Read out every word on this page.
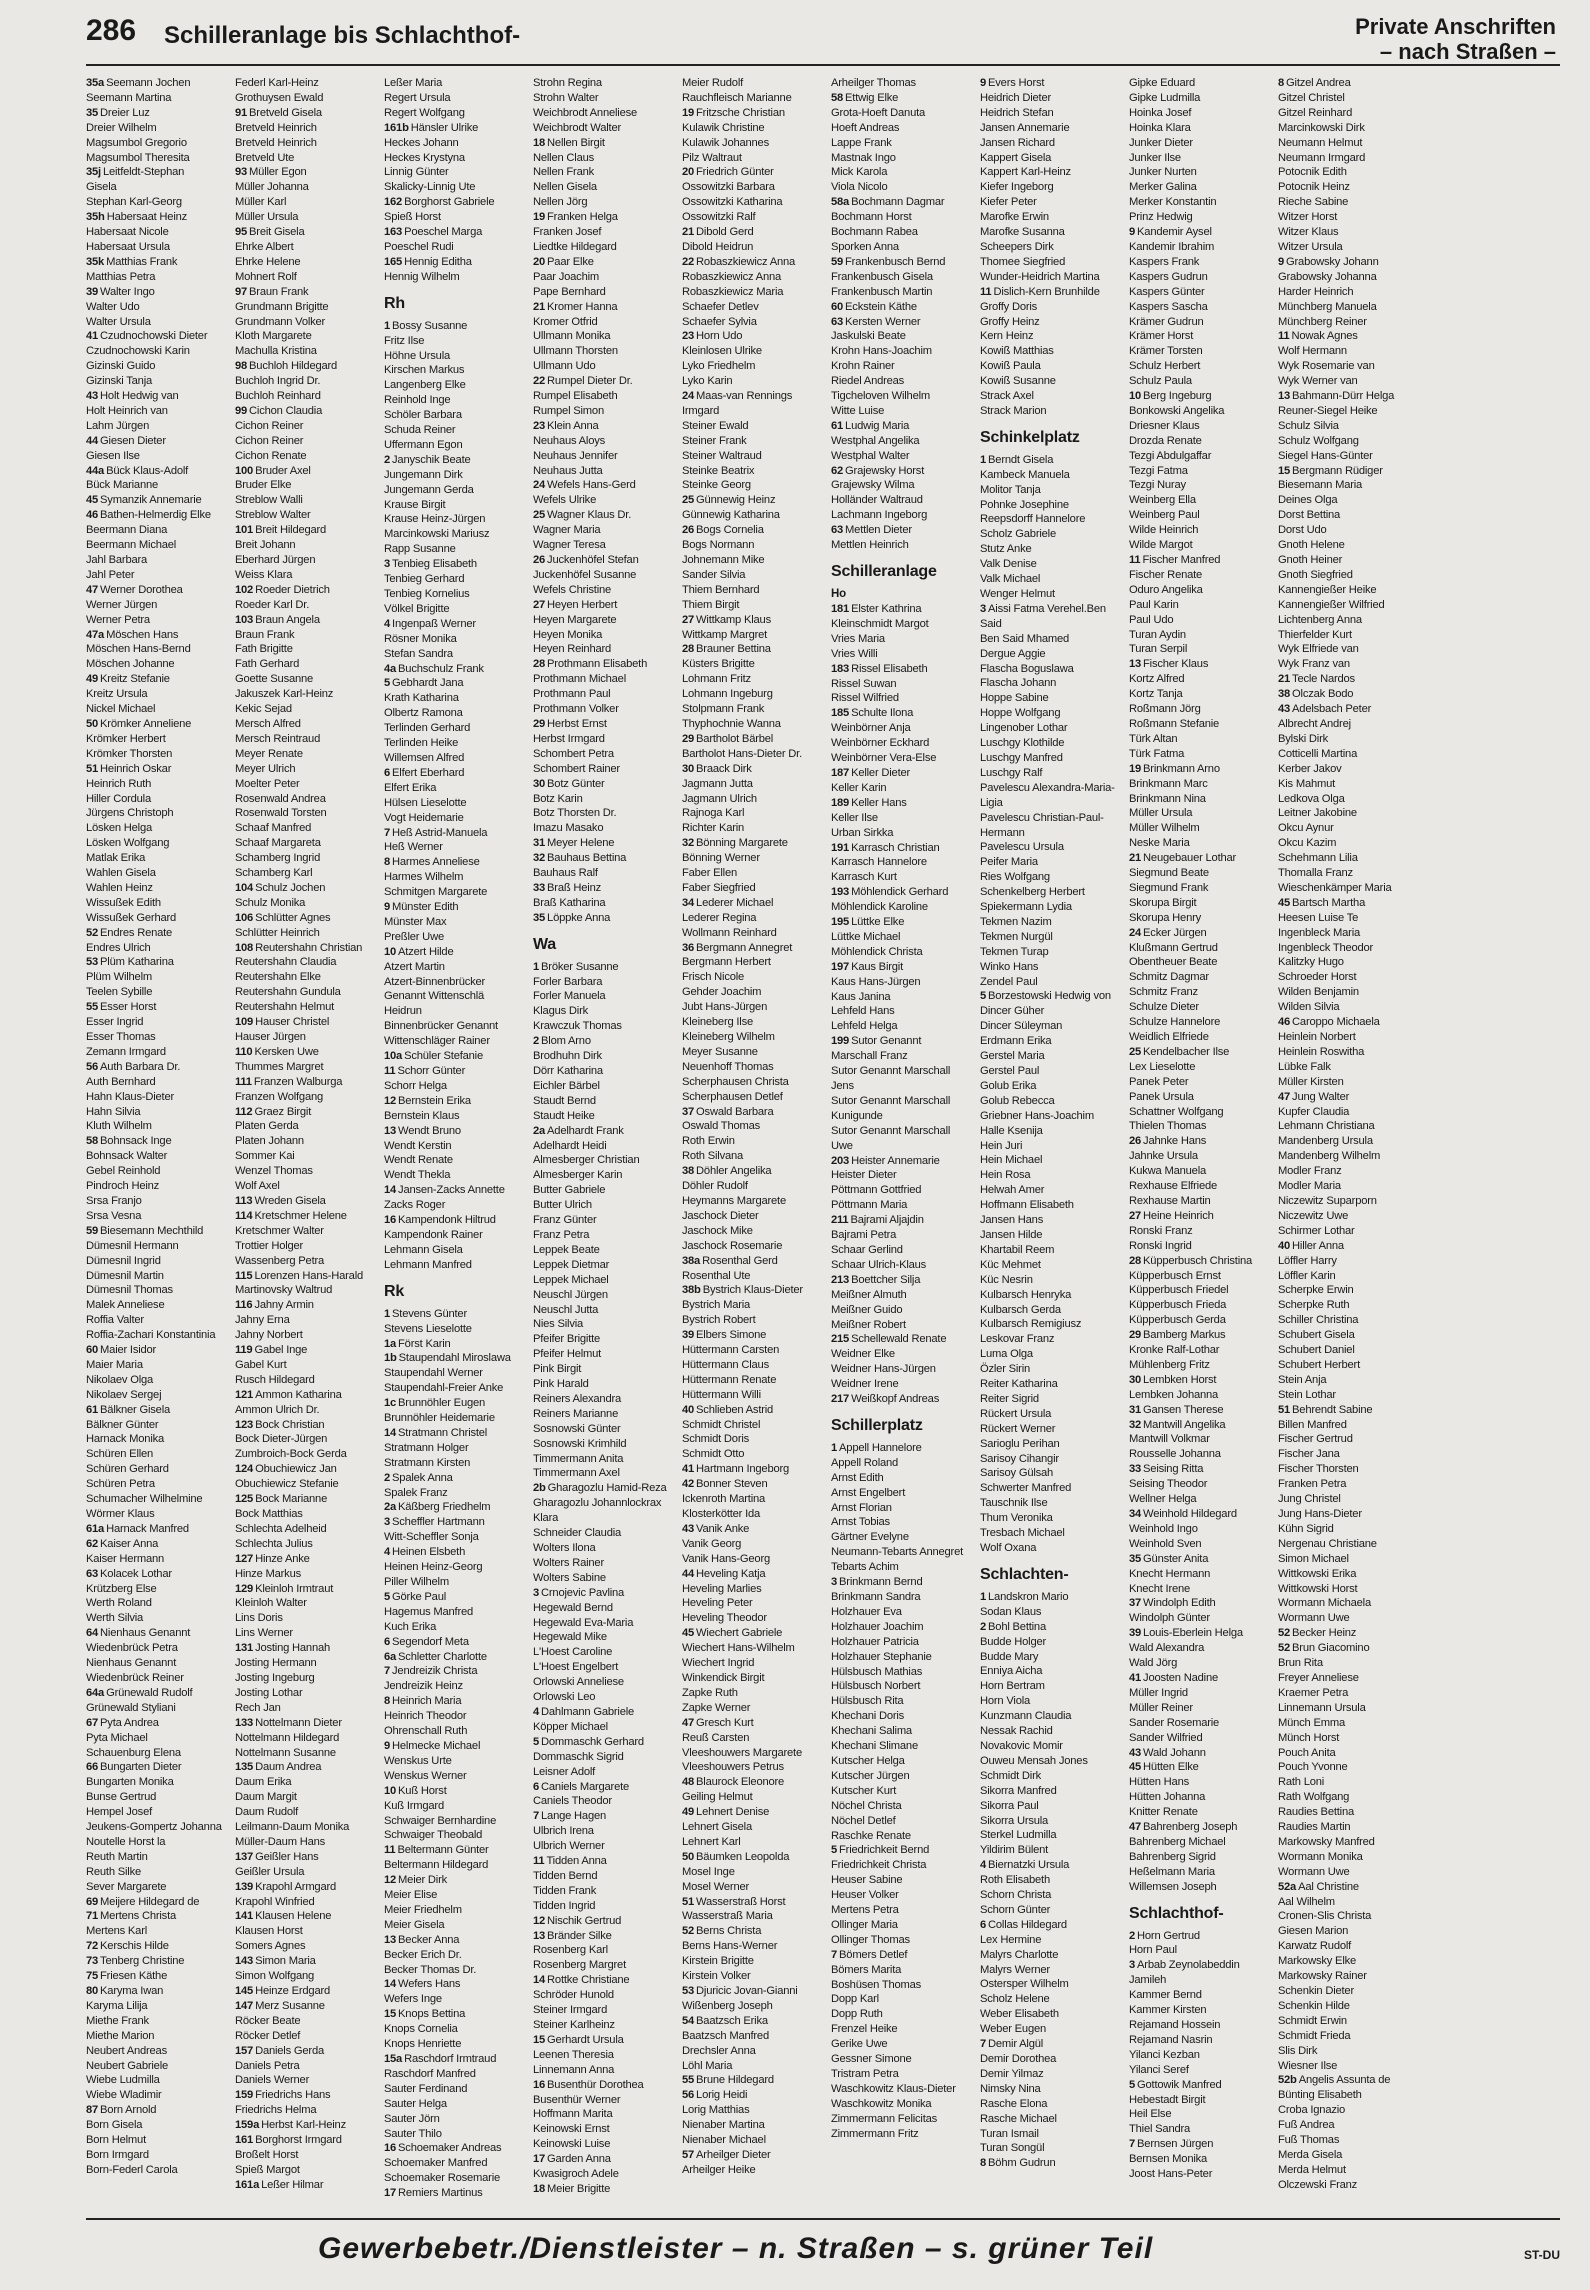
286 Schilleranlage bis Schlachthof-	Private Anschriften
– nach Straßen –
35a Seemann Jochen
Seemann Martina
35 Dreier Luz
Dreier Wilhelm
Magsumbol Gregorio
Magsumbol Theresita
35j Leitfeldt-Stephan
Gisela
Stephan Karl-Georg
35h Habersaat Heinz
Habersaat Nicole
Habersaat Ursula
35k Matthias Frank
Matthias Petra
39 Walter Ingo
Walter Udo
Walter Ursula
41 Czudnochowski Dieter
Czudnochowski Karin
Gizinski Guido
Gizinski Tanja
43 Holt Hedwig van
Holt Heinrich van
Lahm Jürgen
44 Giesen Dieter
Giesen Ilse
44a Bück Klaus-Adolf
Bück Marianne
45 Symanzik Annemarie
46 Bathen-Helmerdig Elke
Beermann Diana
Beermann Michael
Jahl Barbara
Jahl Peter
47 Werner Dorothea
Werner Jürgen
Werner Petra
47a Möschen Hans
Möschen Hans-Bernd
Möschen Johanne
49 Kreitz Stefanie
Kreitz Ursula
Nickel Michael
50 Krömker Anneliene
Krömker Herbert
Krömker Thorsten
51 Heinrich Oskar
Heinrich Ruth
Hiller Cordula
Jürgens Christoph
Lösken Helga
Lösken Wolfgang
Matlak Erika
Wahlen Gisela
Wahlen Heinz
Wissußek Edith
Wissußek Gerhard
52 Endres Renate
Endres Ulrich
53 Plüm Katharina
Plüm Wilhelm
Teelen Sybille
55 Esser Horst
Esser Ingrid
Esser Thomas
Zemann Irmgard
56 Auth Barbara Dr.
Auth Bernhard
Hahn Klaus-Dieter
Hahn Silvia
Kluth Wilhelm
58 Bohnsack Inge
Bohnsack Walter
Gebel Reinhold
Pindroch Heinz
Srsa Franjo
Srsa Vesna
59 Biesemann Mechthild
Dümesnil Hermann
Dümesnil Ingrid
Dümesnil Martin
Dümesnil Thomas
Malek Anneliese
Roffia Valter
Roffia-Zachari Konstantinia
60 Maier Isidor
Maier Maria
Nikolaev Olga
Nikolaev Sergej
61 Bälkner Gisela
Bälkner Günter
Harnack Monika
Schüren Ellen
Schüren Gerhard
Schüren Petra
Schumacher Wilhelmine
Wörmer Klaus
61a Harnack Manfred
62 Kaiser Anna
Kaiser Hermann
63 Kolacek Lothar
Krützberg Else
Werth Roland
Werth Silvia
64 Nienhaus Genannt
Wiedenbrück Petra
Nienhaus Genannt
Wiedenbrück Reiner
64a Grünewald Rudolf
Grünewald Styliani
67 Pyta Andrea
Pyta Michael
Schauenburg Elena
66 Bungarten Dieter
Bungarten Monika
Bunse Gertrud
Hempel Josef
Jeukens-Gompertz Johanna
Noutelle Horst la
Reuth Martin
Reuth Silke
Sever Margarete
69 Meijere Hildegard de
71 Mertens Christa
Mertens Karl
72 Kerschis Hilde
73 Tenberg Christine
75 Friesen Käthe
80 Karyma Iwan
Karyma Lilija
Miethe Frank
Miethe Marion
Neubert Andreas
Neubert Gabriele
Wiebe Ludmilla
Wiebe Wladimir
87 Born Arnold
Born Gisela
Born Helmut
Born Irmgard
Born-Federl Carola
Federl Karl-Heinz
Grothuysen Ewald
91 Bretveld Gisela
Bretveld Heinrich
Bretveld Heinrich
Bretveld Ute
93 Müller Egon
Müller Johanna
Müller Karl
Müller Ursula
95 Breit Gisela
Ehrke Albert
Ehrke Helene
Mohnert Rolf
97 Braun Frank
Grundmann Brigitte
Grundmann Volker
Kloth Margarete
Machulla Kristina
98 Buchloh Hildegard
Buchloh Ingrid Dr.
Buchloh Reinhard
99 Cichon Claudia
Cichon Reiner
Cichon Reiner
Cichon Renate
100 Bruder Axel
Bruder Elke
Streblow Walli
Streblow Walter
101 Breit Hildegard
Breit Johann
Eberhard Jürgen
Weiss Klara
102 Roeder Dietrich
Roeder Karl Dr.
103 Braun Angela
Braun Frank
Fath Brigitte
Fath Gerhard
Goette Susanne
Jakuszek Karl-Heinz
Kekic Sejad
Mersch Alfred
Mersch Reintraud
Meyer Renate
Meyer Ulrich
Moelter Peter
Rosenwald Andrea
Rosenwald Torsten
Schaaf Manfred
Schaaf Margareta
Schamberg Ingrid
Schamberg Karl
104 Schulz Jochen
Schulz Monika
106 Schlütter Agnes
Schlütter Heinrich
108 Reutershahn Christian
Reutershahn Claudia
Reutershahn Elke
Reutershahn Gundula
Reutershahn Helmut
109 Hauser Christel
Hauser Jürgen
110 Kersken Uwe
Thummes Margret
111 Franzen Walburga
Franzen Wolfgang
112 Graez Birgit
Platen Gerda
Platen Johann
Sommer Kai
Wenzel Thomas
Wolf Axel
113 Wreden Gisela
114 Kretschmer Helene
Kretschmer Walter
Trottier Holger
Wassenberg Petra
115 Lorenzen Hans-Harald
Martinovsky Waltrud
116 Jahny Armin
Jahny Erna
Jahny Norbert
119 Gabel Inge
Gabel Kurt
Rusch Hildegard
121 Ammon Katharina
Ammon Ulrich Dr.
123 Bock Christian
Bock Dieter-Jürgen
Zumbroich-Bock Gerda
124 Obuchiewicz Jan
Obuchiewicz Stefanie
125 Bock Marianne
Bock Matthias
Schlechta Adelheid
Schlechta Julius
127 Hinze Anke
Hinze Markus
129 Kleinloh Irmtraut
Kleinloh Walter
Lins Doris
Lins Werner
131 Josting Hannah
Josting Hermann
Josting Ingeburg
Josting Lothar
Rech Jan
133 Nottelmann Dieter
Nottelmann Hildegard
Nottelmann Susanne
135 Daum Andrea
Daum Erika
Daum Margit
Daum Rudolf
Leilmann-Daum Monika
Müller-Daum Hans
137 Geißler Hans
Geißler Ursula
139 Krapohl Armgard
Krapohl Winfried
141 Klausen Helene
Klausen Horst
Somers Agnes
143 Simon Maria
Simon Wolfgang
145 Heinze Erdgard
147 Merz Susanne
Röcker Beate
Röcker Detlef
157 Daniels Gerda
Daniels Petra
Daniels Werner
159 Friedrichs Hans
Friedrichs Helma
159a Herbst Karl-Heinz
161 Borghorst Irmgard
Broßelt Horst
Spieß Margot
161a Leßer Hilmar
Leßer Maria
Regert Ursula
Regert Wolfgang
161b Hänsler Ulrike
Heckes Johann
Heckes Krystyna
Linnig Günter
Skalicky-Linnig Ute
162 Borghorst Gabriele
Spieß Horst
163 Poeschel Marga
Poeschel Rudi
165 Hennig Editha
Hennig Wilhelm
Rh
1 Bossy Susanne
Fritz Ilse
Höhne Ursula
Kirschen Markus
Langenberg Elke
Reinhold Inge
Schöler Barbara
Schuda Reiner
Uffermann Egon
2 Janyschik Beate
Jungemann Dirk
Jungemann Gerda
Krause Birgit
Krause Heinz-Jürgen
Marcinkowski Mariusz
Rapp Susanne
3 Tenbieg Elisabeth
Tenbieg Gerhard
Tenbieg Kornelius
Völkel Brigitte
4 Ingenpaß Werner
Rösner Monika
Stefan Sandra
4a Buchschulz Frank
5 Gebhardt Jana
Krath Katharina
Olbertz Ramona
Terlinden Gerhard
Terlinden Heike
Willemsen Alfred
6 Elfert Eberhard
Elfert Erika
Hülsen Lieselotte
Vogt Heidemarie
7 Heß Astrid-Manuela
Heß Werner
8 Harmes Anneliese
Harmes Wilhelm
Schmitgen Margarete
9 Münster Edith
Münster Max
Preßler Uwe
10 Atzert Hilde
Atzert Martin
Atzert-Binnenbrücker
Genannt Wittenschlä
Heidrun
Binnenbrücker Genannt
Wittenschläger Rainer
10a Schüler Stefanie
11 Schorr Günter
Schorr Helga
12 Bernstein Erika
Bernstein Klaus
13 Wendt Bruno
Wendt Kerstin
Wendt Renate
Wendt Thekla
14 Jansen-Zacks Annette
Zacks Roger
16 Kampendonk Hiltrud
Kampendonk Rainer
Lehmann Gisela
Lehmann Manfred
Rk
1 Stevens Günter
Stevens Lieselotte
1a Först Karin
1b Staupendahl Miroslawa
Staupendahl Werner
Staupendahl-Freier Anke
1c Brunnöhler Eugen
Brunnöhler Heidemarie
14 Stratmann Christel
Stratmann Holger
Stratmann Kirsten
2 Spalek Anna
Spalek Franz
2a Käßberg Friedhelm
3 Scheffler Hartmann
Witt-Scheffler Sonja
4 Heinen Elsbeth
Heinen Heinz-Georg
Piller Wilhelm
5 Görke Paul
Hagemus Manfred
Kuch Erika
6 Segendorf Meta
6a Schletter Charlotte
7 Jendreizik Christa
Jendreizik Heinz
8 Heinrich Maria
Heinrich Theodor
Ohrenschall Ruth
9 Helmecke Michael
Wenskus Urte
Wenskus Werner
10 Kuß Horst
Kuß Irmgard
Schwaiger Bernhardine
Schwaiger Theobald
11 Beltermann Günter
Beltermann Hildegard
12 Meier Dirk
Meier Elise
Meier Friedhelm
Meier Gisela
13 Becker Anna
Becker Erich Dr.
Becker Thomas Dr.
14 Wefers Hans
Wefers Inge
15 Knops Bettina
Knops Cornelia
Knops Henriette
15a Raschdorf Irmtraud
Raschdorf Manfred
Sauter Ferdinand
Sauter Helga
Sauter Jörn
Sauter Thilo
16 Schoemaker Andreas
Schoemaker Manfred
Schoemaker Rosemarie
17 Remiers Martinus
Strohn Regina
Strohn Walter
Weichbrodt Anneliese
Weichbrodt Walter
18 Nellen Birgit
Nellen Claus
Nellen Frank
Nellen Gisela
Nellen Jörg
19 Franken Helga
Franken Josef
Liedtke Hildegard
20 Paar Elke
Paar Joachim
Pape Bernhard
21 Kromer Hanna
Kromer Otfrid
Ullmann Monika
Ullmann Thorsten
Ullmann Udo
22 Rumpel Dieter Dr.
Rumpel Elisabeth
Rumpel Simon
23 Klein Anna
Neuhaus Aloys
Neuhaus Jennifer
Neuhaus Jutta
24 Wefels Hans-Gerd
Wefels Ulrike
25 Wagner Klaus Dr.
Wagner Maria
Wagner Teresa
26 Juckenhöfel Stefan
Juckenhöfel Susanne
Wefels Christine
27 Heyen Herbert
Heyen Margarete
Heyen Monika
Heyen Reinhard
28 Prothmann Elisabeth
Prothmann Michael
Prothmann Paul
Prothmann Volker
29 Herbst Ernst
Herbst Irmgard
Schombert Petra
Schombert Rainer
30 Botz Günter
Botz Karin
Botz Thorsten Dr.
Imazu Masako
31 Meyer Helene
32 Bauhaus Bettina
Bauhaus Ralf
33 Braß Heinz
Braß Katharina
35 Löppke Anna
Wa
1 Bröker Susanne
Forler Barbara
Forler Manuela
Klagus Dirk
Krawczuk Thomas
2 Blom Arno
Brodhuhn Dirk
Dörr Katharina
Eichler Bärbel
Staudt Bernd
Staudt Heike
2a Adelhardt Frank
Adelhardt Heidi
Almesberger Christian
Almesberger Karin
Butter Gabriele
Butter Ulrich
Franz Günter
Franz Petra
Leppek Beate
Leppek Dietmar
Leppek Michael
Neuschl Jürgen
Neuschl Jutta
Nies Silvia
Pfeifer Brigitte
Pfeifer Helmut
Pink Birgit
Pink Harald
Reiners Alexandra
Reiners Marianne
Sosnowski Günter
Sosnowski Krimhild
Timmermann Anita
Timmermann Axel
2b Gharagozlu Hamid-Reza
Gharagozlu Johannlockrax
Klara
Schneider Claudia
Wolters Ilona
Wolters Rainer
Wolters Sabine
3 Crnojevic Pavlina
Hegewald Bernd
Hegewald Eva-Maria
Hegewald Mike
L'Hoest Caroline
L'Hoest Engelbert
Orlowski Anneliese
Orlowski Leo
4 Dahlmann Gabriele
Köpper Michael
5 Dommaschk Gerhard
Dommaschk Sigrid
Leisner Adolf
6 Caniels Margarete
Caniels Theodor
7 Lange Hagen
Ulbrich Irena
Ulbrich Werner
11 Tidden Anna
Tidden Bernd
Tidden Frank
Tidden Ingrid
12 Nischik Gertrud
13 Bränder Silke
Rosenberg Karl
Rosenberg Margret
14 Rottke Christiane
Schröder Hunold
Steiner Irmgard
Steiner Karlheinz
15 Gerhardt Ursula
Leenen Theresia
Linnemann Anna
16 Busenthür Dorothea
Busenthür Werner
Hoffmann Marita
Keinowski Ernst
Keinowski Luise
17 Garden Anna
Kwasigroch Adele
18 Meier Brigitte
Meier Rudolf
Rauchfleisch Marianne
19 Fritzsche Christian
Kulawik Christine
Kulawik Johannes
Pilz Waltraut
20 Friedrich Günter
Ossowitzki Barbara
Ossowitzki Katharina
Ossowitzki Ralf
21 Dibold Gerd
Dibold Heidrun
22 Robaszkiewicz Anna
Robaszkiewicz Anna
Robaszkiewicz Maria
Schaefer Detlev
Schaefer Sylvia
23 Horn Udo
Kleinlosen Ulrike
Lyko Friedhelm
Lyko Karin
24 Maas-van Rennings
Irmgard
Steiner Ewald
Steiner Frank
Steiner Waltraud
Steinke Beatrix
Steinke Georg
25 Günnewig Heinz
Günnewig Katharina
26 Bogs Cornelia
Bogs Normann
Johnemann Mike
Sander Silvia
Thiem Bernhard
Thiem Birgit
27 Wittkamp Klaus
Wittkamp Margret
28 Brauner Bettina
Küsters Brigitte
Lohmann Fritz
Lohmann Ingeburg
Stolpmann Frank
Thyphochnie Wanna
29 Bartholot Bärbel
Bartholot Hans-Dieter Dr.
30 Braack Dirk
Jagmann Jutta
Jagmann Ulrich
Rajnoga Karl
Richter Karin
32 Bönning Margarete
Bönning Werner
Faber Ellen
Faber Siegfried
34 Lederer Michael
Lederer Regina
Wollmann Reinhard
36 Bergmann Annegret
Bergmann Herbert
Frisch Nicole
Gehder Joachim
Jubt Hans-Jürgen
Kleineberg Ilse
Kleineberg Wilhelm
Meyer Susanne
Neuenhoff Thomas
Scherphausen Christa
Scherphausen Detlef
37 Oswald Barbara
Oswald Thomas
Roth Erwin
Roth Silvana
38 Döhler Angelika
Döhler Rudolf
Heymanns Margarete
Jaschock Dieter
Jaschock Mike
Jaschock Rosemarie
38a Rosenthal Gerd
Rosenthal Ute
38b Bystrich Klaus-Dieter
Bystrich Maria
Bystrich Robert
39 Elbers Simone
Hüttermann Carsten
Hüttermann Claus
Hüttermann Renate
Hüttermann Willi
40 Schlieben Astrid
Schmidt Christel
Schmidt Doris
Schmidt Otto
41 Hartmann Ingeborg
42 Bonner Steven
Ickenroth Martina
Klosterkötter Ida
43 Vanik Anke
Vanik Georg
Vanik Hans-Georg
44 Heveling Katja
Heveling Marlies
Heveling Peter
Heveling Theodor
45 Wiechert Gabriele
Wiechert Hans-Wilhelm
Wiechert Ingrid
Winkendick Birgit
Zapke Ruth
Zapke Werner
47 Gresch Kurt
Reuß Carsten
Vleeshouwers Margarete
Vleeshouwers Petrus
48 Blaurock Eleonore
Geiling Helmut
49 Lehnert Denise
Lehnert Gisela
Lehnert Karl
50 Bäumken Leopolda
Mosel Inge
Mosel Werner
51 Wasserstraß Horst
Wasserstraß Maria
52 Berns Christa
Berns Hans-Werner
Kirstein Brigitte
Kirstein Volker
53 Djuricic Jovan-Gianni
Wißenberg Joseph
54 Baatzsch Erika
Baatzsch Manfred
Drechsler Anna
Löhl Maria
55 Brune Hildegard
56 Lorig Heidi
Lorig Matthias
Nienaber Martina
Nienaber Michael
57 Arheilger Dieter
Arheilger Heike
Arheilger Thomas
58 Ettwig Elke
Grota-Hoeft Danuta
Hoeft Andreas
Lappe Frank
Mastnak Ingo
Mick Karola
Viola Nicolo
58a Bochmann Dagmar
Bochmann Horst
Bochmann Rabea
Sporken Anna
59 Frankenbusch Bernd
Frankenbusch Gisela
Frankenbusch Martin
60 Eckstein Käthe
63 Kersten Werner
Jaskulski Beate
Krohn Hans-Joachim
Krohn Rainer
Riedel Andreas
Tigcheloven Wilhelm
Witte Luise
61 Ludwig Maria
Westphal Angelika
Westphal Walter
62 Grajewsky Horst
Grajewsky Wilma
Holländer Waltraud
Lachmann Ingeborg
63 Mettlen Dieter
Mettlen Heinrich
Schilleranlage
Ho
181 Elster Kathrina
Kleinschmidt Margot
Vries Maria
Vries Willi
183 Rissel Elisabeth
Rissel Suwan
Rissel Wilfried
185 Schulte Ilona
Weinbörner Anja
Weinbörner Eckhard
Weinbörner Vera-Else
187 Keller Dieter
Keller Karin
189 Keller Hans
Keller Ilse
Urban Sirkka
191 Karrasch Christian
Karrasch Hannelore
Karrasch Kurt
193 Möhlendick Gerhard
Möhlendick Karoline
195 Lüttke Elke
Lüttke Michael
Möhlendick Christa
197 Kaus Birgit
Kaus Hans-Jürgen
Kaus Janina
Lehfeld Hans
Lehfeld Helga
199 Sutor Genannt
Marschall Franz
Sutor Genannt Marschall
Jens
Sutor Genannt Marschall
Kunigunde
Sutor Genannt Marschall
Uwe
203 Heister Annemarie
Heister Dieter
Pöttmann Gottfried
Pöttmann Maria
211 Bajrami Aljajdin
Bajrami Petra
Schaar Gerlind
Schaar Ulrich-Klaus
213 Boettcher Silja
Meißner Almuth
Meißner Guido
Meißner Robert
215 Schellewald Renate
Weidner Elke
Weidner Hans-Jürgen
Weidner Irene
217 Weißkopf Andreas
Schillerplatz
1 Appell Hannelore
Appell Roland
Arnst Edith
Arnst Engelbert
Arnst Florian
Arnst Tobias
Gärtner Evelyne
Neumann-Tebarts Annegret
Tebarts Achim
3 Brinkmann Bernd
Brinkmann Sandra
Holzhauer Eva
Holzhauer Joachim
Holzhauer Patricia
Holzhauer Stephanie
Hülsbusch Mathias
Hülsbusch Norbert
Hülsbusch Rita
Khechani Doris
Khechani Salima
Khechani Slimane
Kutscher Helga
Kutscher Jürgen
Kutscher Kurt
Nöchel Christa
Nöchel Detlef
Raschke Renate
5 Friedrichkeit Bernd
Friedrichkeit Christa
Heuser Sabine
Heuser Volker
Mertens Petra
Ollinger Maria
Ollinger Thomas
7 Bömers Detlef
Bömers Marita
Boshüsen Thomas
Dopp Karl
Dopp Ruth
Frenzel Heike
Gerike Uwe
Gessner Simone
Tristram Petra
Waschkowitz Klaus-Dieter
Waschkowitz Monika
Zimmermann Felicitas
Zimmermann Fritz
9 Evers Horst
Heidrich Dieter
Heidrich Stefan
Jansen Annemarie
Jansen Richard
Kappert Gisela
Kappert Karl-Heinz
Kiefer Ingeborg
Kiefer Peter
Marofke Erwin
Marofke Susanna
Scheepers Dirk
Thomee Siegfried
Wunder-Heidrich Martina
11 Dislich-Kern Brunhilde
Groffy Doris
Groffy Heinz
Kern Heinz
Kowiß Matthias
Kowiß Paula
Kowiß Susanne
Strack Axel
Strack Marion
Schinkelplatz
1 Berndt Gisela
Kambeck Manuela
Molitor Tanja
Pohnke Josephine
Reepsdorff Hannelore
Scholz Gabriele
Stutz Anke
Valk Denise
Valk Michael
Wenger Helmut
3 Aissi Fatma Verehel.Ben
Said
Ben Said Mhamed
Dergue Aggie
Flascha Boguslawa
Flascha Johann
Hoppe Sabine
Hoppe Wolfgang
Lingenober Lothar
Luschgy Klothilde
Luschgy Manfred
Luschgy Ralf
Pavelescu Alexandra-Maria-
Ligia
Pavelescu Christian-Paul-
Hermann
Pavelescu Ursula
Peifer Maria
Ries Wolfgang
Schenkelberg Herbert
Spiekermann Lydia
Tekmen Nazim
Tekmen Nurgül
Tekmen Turap
Winko Hans
Zendel Paul
5 Borzestowski Hedwig von
Dincer Güher
Dincer Süleyman
Erdmann Erika
Gerstel Maria
Gerstel Paul
Golub Erika
Golub Rebecca
Griebner Hans-Joachim
Halle Ksenija
Hein Juri
Hein Michael
Hein Rosa
Helwah Amer
Hoffmann Elisabeth
Jansen Hans
Jansen Hilde
Khartabil Reem
Küc Mehmet
Küc Nesrin
Kulbarsch Henryka
Kulbarsch Gerda
Kulbarsch Remigiusz
Leskovar Franz
Luma Olga
Özler Sirin
Reiter Katharina
Reiter Sigrid
Rückert Ursula
Rückert Werner
Sarioglu Perihan
Sarisoy Cihangir
Sarisoy Gülsah
Schwerter Manfred
Tauschnik Ilse
Thum Veronika
Tresbach Michael
Wolf Oxana
Schlachten-
1 Landskron Mario
Sodan Klaus
2 Bohl Bettina
Budde Holger
Budde Mary
Enniya Aicha
Horn Bertram
Horn Viola
Kunzmann Claudia
Nessak Rachid
Novakovic Momir
Ouweu Mensah Jones
Schmidt Dirk
Sikorra Manfred
Sikorra Paul
Sikorra Ursula
Sterkel Ludmilla
Yildirim Bülent
4 Biernatzki Ursula
Roth Elisabeth
Schorn Christa
Schorn Günter
6 Collas Hildegard
Lex Hermine
Malyrs Charlotte
Malyrs Werner
Ostersper Wilhelm
Scholz Helene
Weber Elisabeth
Weber Eugen
7 Demir Algül
Demir Dorothea
Demir Yilmaz
Nimsky Nina
Rasche Elona
Rasche Michael
Turan Ismail
Turan Songül
8 Böhm Gudrun
Gipke Eduard
Gipke Ludmilla
Hoinka Josef
Hoinka Klara
Junker Dieter
Junker Ilse
Junker Nurten
Merker Galina
Merker Konstantin
Prinz Hedwig
9 Kandemir Aysel
Kandemir Ibrahim
Kaspers Frank
Kaspers Gudrun
Kaspers Günter
Kaspers Sascha
Krämer Gudrun
Krämer Horst
Krämer Torsten
Schulz Herbert
Schulz Paula
10 Berg Ingeburg
Bonkowski Angelika
Driesner Klaus
Drozda Renate
Tezgi Abdulgaffar
Tezgi Fatma
Tezgi Nuray
Weinberg Ella
Weinberg Paul
Wilde Heinrich
Wilde Margot
11 Fischer Manfred
Fischer Renate
Oduro Angelika
Paul Karin
Paul Udo
Turan Aydin
Turan Serpil
13 Fischer Klaus
Kortz Alfred
Kortz Tanja
Roßmann Jörg
Roßmann Stefanie
Türk Altan
Türk Fatma
19 Brinkmann Arno
Brinkmann Marc
Brinkmann Nina
Müller Ursula
Müller Wilhelm
Neske Maria
21 Neugebauer Lothar
Siegmund Beate
Siegmund Frank
Skorupa Birgit
Skorupa Henry
24 Ecker Jürgen
Klußmann Gertrud
Obentheuer Beate
Schmitz Dagmar
Schmitz Franz
Schulze Dieter
Schulze Hannelore
Weidlich Elfriede
25 Kendelbacher Ilse
Lex Lieselotte
Panek Peter
Panek Ursula
Schattner Wolfgang
Thielen Thomas
26 Jahnke Hans
Jahnke Ursula
Kukwa Manuela
Rexhause Elfriede
Rexhause Martin
27 Heine Heinrich
Ronski Franz
Ronski Ingrid
28 Küpperbusch Christina
Küpperbusch Ernst
Küpperbusch Friedel
Küpperbusch Frieda
Küpperbusch Gerda
29 Bamberg Markus
Kronke Ralf-Lothar
Mühlenberg Fritz
30 Lembken Horst
Lembken Johanna
31 Gansen Therese
32 Mantwill Angelika
Mantwill Volkmar
Rousselle Johanna
33 Seising Ritta
Seising Theodor
Wellner Helga
34 Weinhold Hildegard
Weinhold Ingo
Weinhold Sven
35 Günster Anita
Knecht Hermann
Knecht Irene
37 Windolph Edith
Windolph Günter
39 Louis-Eberlein Helga
Wald Alexandra
Wald Jörg
41 Joosten Nadine
Müller Ingrid
Müller Reiner
Sander Rosemarie
Sander Wilfried
43 Wald Johann
45 Hütten Elke
Hütten Hans
Hütten Johanna
Knitter Renate
47 Bahrenberg Joseph
Bahrenberg Michael
Bahrenberg Sigrid
Heßelmann Maria
Willemsen Joseph
Schlachthof-
2 Horn Gertrud
Horn Paul
3 Arbab Zeynolabeddin
Jamileh
Kammer Bernd
Kammer Kirsten
Rejamand Hossein
Rejamand Nasrin
Yilanci Kezban
Yilanci Seref
5 Gottowik Manfred
Hebestadt Birgit
Heil Else
Thiel Sandra
7 Bernsen Jürgen
Bernsen Monika
Joost Hans-Peter
8 Gitzel Andrea
Gitzel Christel
Gitzel Reinhard
Marcinkowski Dirk
Neumann Helmut
Neumann Irmgard
Potocnik Edith
Potocnik Heinz
Rieche Sabine
Witzer Horst
Witzer Klaus
Witzer Ursula
9 Grabowsky Johann
Grabowsky Johanna
Harder Heinrich
Münchberg Manuela
Münchberg Reiner
11 Nowak Agnes
Wolf Hermann
Wyk Rosemarie van
Wyk Werner van
13 Bahmann-Dürr Helga
Reuner-Siegel Heike
Schulz Silvia
Schulz Wolfgang
Siegel Hans-Günter
15 Bergmann Rüdiger
Biesemann Maria
Deines Olga
Dorst Bettina
Dorst Udo
Gnoth Helene
Gnoth Heiner
Gnoth Siegfried
Kannengießer Heike
Kannengießer Wilfried
Lichtenberg Anna
Thierfelder Kurt
Wyk Elfriede van
Wyk Franz van
21 Tecle Nardos
38 Olczak Bodo
43 Adelsbach Peter
Albrecht Andrej
Bylski Dirk
Cotticelli Martina
Kerber Jakov
Kis Mahmut
Ledkova Olga
Leitner Jakobine
Okcu Aynur
Okcu Kazim
Schehmann Lilia
Thomalla Franz
Wieschenkämper Maria
45 Bartsch Martha
Heesen Luise Te
Ingenbleck Maria
Ingenbleck Theodor
Kalitzky Hugo
Schroeder Horst
Wilden Benjamin
Wilden Silvia
46 Caroppo Michaela
Heinlein Norbert
Heinlein Roswitha
Lübke Falk
Müller Kirsten
47 Jung Walter
Kupfer Claudia
Lehmann Christiana
Mandenberg Ursula
Mandenberg Wilhelm
Modler Franz
Modler Maria
Niczewitz Suparporn
Niczewitz Uwe
Schirmer Lothar
40 Hiller Anna
Löffler Harry
Löffler Karin
Scherpke Erwin
Scherpke Ruth
Schiller Christina
Schubert Gisela
Schubert Daniel
Schubert Herbert
Stein Anja
Stein Lothar
51 Behrendt Sabine
Billen Manfred
Fischer Gertrud
Fischer Jana
Fischer Thorsten
Franken Petra
Jung Christel
Jung Hans-Dieter
Kühn Sigrid
Nergenau Christiane
Simon Michael
Wittkowski Erika
Wittkowski Horst
Wormann Michaela
Wormann Uwe
52 Becker Heinz
52 Brun Giacomino
Brun Rita
Freyer Anneliese
Kraemer Petra
Linnemann Ursula
Münch Emma
Münch Horst
Pouch Anita
Pouch Yvonne
Rath Loni
Rath Wolfgang
Raudies Bettina
Raudies Martin
Markowsky Manfred
Wormann Monika
Wormann Uwe
52a Aal Christine
Aal Wilhelm
Cronen-Slis Christa
Giesen Marion
Karwatz Rudolf
Markowsky Elke
Markowsky Rainer
Schenkin Dieter
Schenkin Hilde
Schmidt Erwin
Schmidt Frieda
Slis Dirk
Wiesner Ilse
52b Angelis Assunta de
Bünting Elisabeth
Croba Ignazio
Fuß Andrea
Fuß Thomas
Merda Gisela
Merda Helmut
Olczewski Franz
Gewerbebetr./Dienstleister – n. Straßen – s. grüner Teil	ST-DU
